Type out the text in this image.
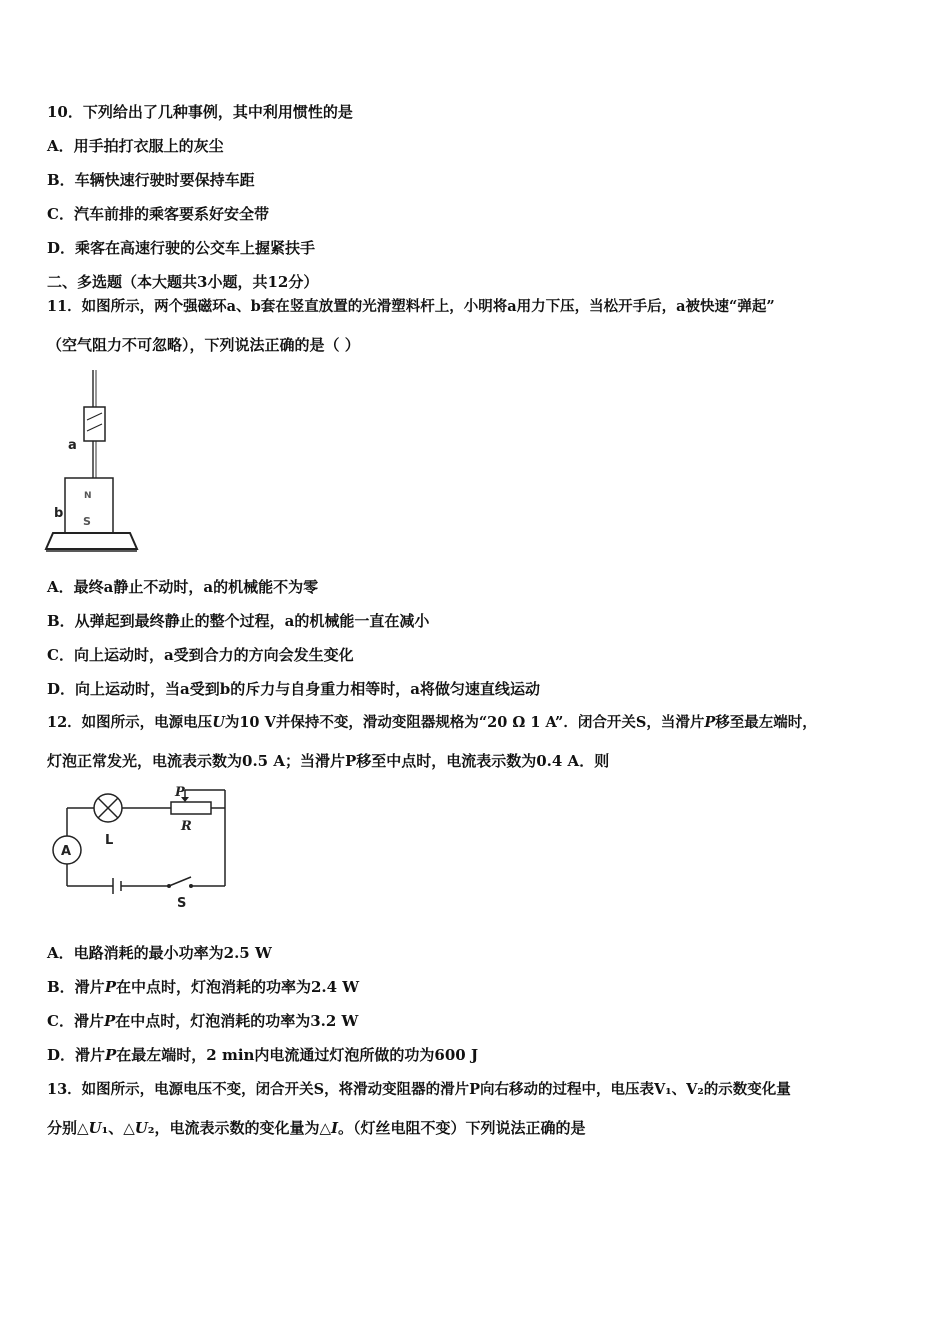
10．下列给出了几种事例，其中利用惯性的是
A．用手拍打衣服上的灰尘
B．车辆快速行驶时要保持车距
C．汽车前排的乘客要系好安全带
D．乘客在高速行驶的公交车上握紧扶手
二、多选题（本大题共3小题，共12分）
11．如图所示，两个强磁环a、b套在竖直放置的光滑塑料杆上，小明将a用力下压，当松开手后，a被快速“弹起”
（空气阻力不可忽略），下列说法正确的是（ ）
a
b
N
S
A．最终a静止不动时，a的机械能不为零
B．从弹起到最终静止的整个过程，a的机械能一直在减小
C．向上运动时，a受到合力的方向会发生变化
D．向上运动时，当a受到b的斥力与自身重力相等时，a将做匀速直线运动
12．如图所示，电源电压U为10 V并保持不变，滑动变阻器规格为“20 Ω 1 A”．闭合开关S，当滑片P移至最左端时，
灯泡正常发光，电流表示数为0.5 A；当滑片P移至中点时，电流表示数为0.4 A．则
A
L
P
R
S
A．电路消耗的最小功率为2.5 W
B．滑片P在中点时，灯泡消耗的功率为2.4 W
C．滑片P在中点时，灯泡消耗的功率为3.2 W
D．滑片P在最左端时，2 min内电流通过灯泡所做的功为600 J
13．如图所示，电源电压不变，闭合开关S，将滑动变阻器的滑片P向右移动的过程中，电压表V₁、V₂的示数变化量
分别△U₁、△U₂，电流表示数的变化量为△I。（灯丝电阻不变）下列说法正确的是
